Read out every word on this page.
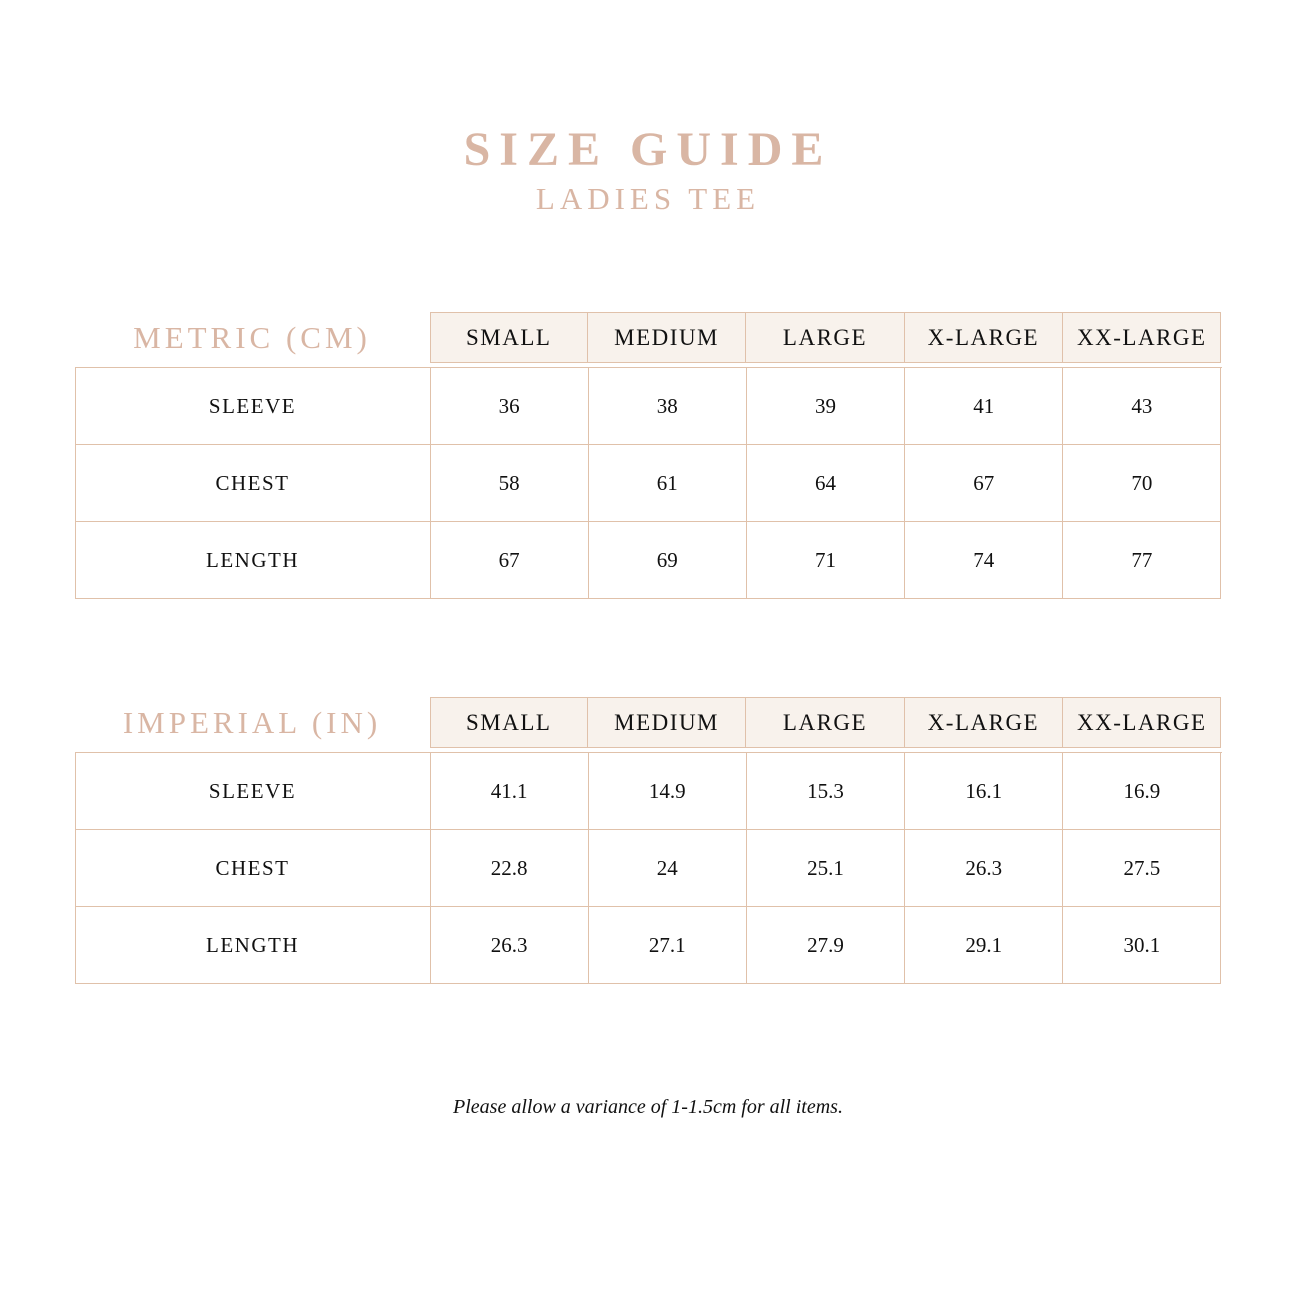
SIZE GUIDE
LADIES TEE
METRIC (CM)	SMALL	MEDIUM	LARGE	X-LARGE	XX-LARGE
SLEEVE	36	38	39	41	43
CHEST	58	61	64	67	70
LENGTH	67	69	71	74	77
IMPERIAL (IN)	SMALL	MEDIUM	LARGE	X-LARGE	XX-LARGE
SLEEVE	41.1	14.9	15.3	16.1	16.9
CHEST	22.8	24	25.1	26.3	27.5
LENGTH	26.3	27.1	27.9	29.1	30.1
Please allow a variance of 1-1.5cm for all items.
